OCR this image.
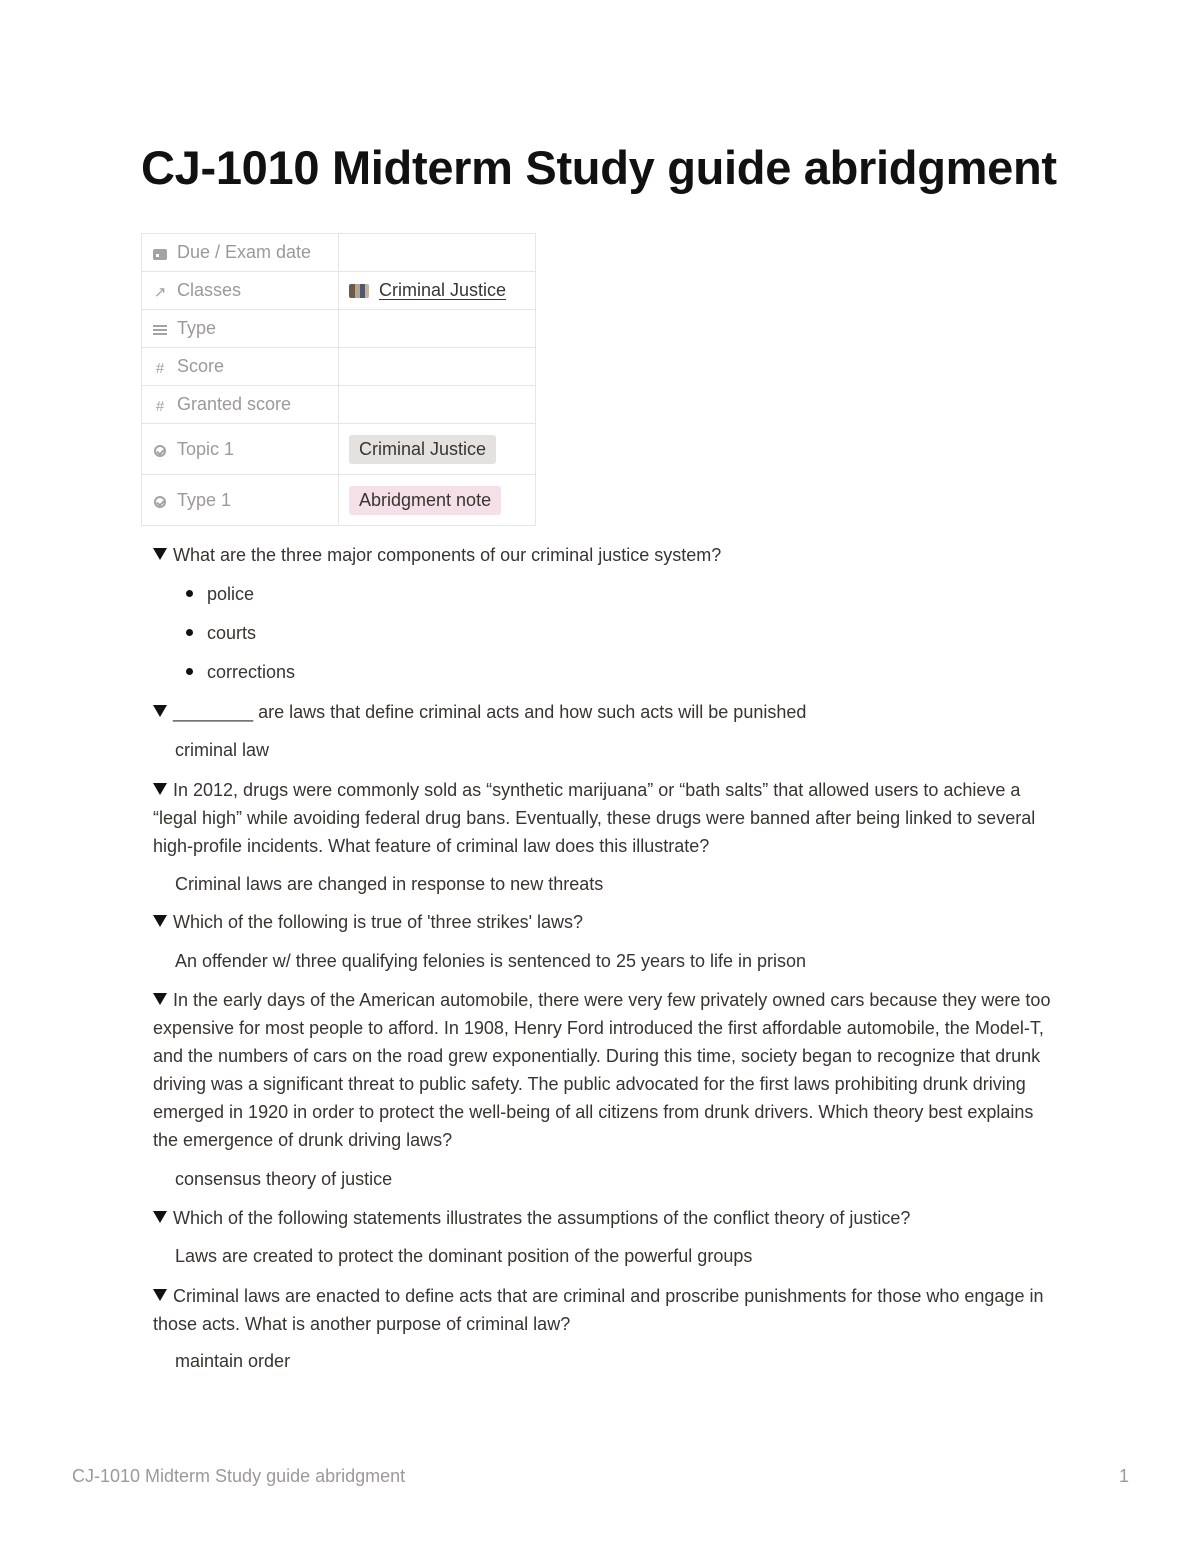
CJ-1010 Midterm Study guide abridgment
Due / Exam date	
↗ Classes	Criminal Justice
Type	
# Score	
# Granted score	
Topic 1	Criminal Justice
Type 1	Abridgment note
What are the three major components of our criminal justice system?
police
courts
corrections
________ are laws that define criminal acts and how such acts will be punished
criminal law
In 2012, drugs were commonly sold as “synthetic marijuana” or “bath salts” that allowed users to achieve a “legal high” while avoiding federal drug bans. Eventually, these drugs were banned after being linked to several high-profile incidents. What feature of criminal law does this illustrate?
Criminal laws are changed in response to new threats
Which of the following is true of 'three strikes' laws?
An offender w/ three qualifying felonies is sentenced to 25 years to life in prison
In the early days of the American automobile, there were very few privately owned cars because they were too expensive for most people to afford. In 1908, Henry Ford introduced the first affordable automobile, the Model-T, and the numbers of cars on the road grew exponentially. During this time, society began to recognize that drunk driving was a significant threat to public safety. The public advocated for the first laws prohibiting drunk driving emerged in 1920 in order to protect the well-being of all citizens from drunk drivers. Which theory best explains the emergence of drunk driving laws?
consensus theory of justice
Which of the following statements illustrates the assumptions of the conflict theory of justice?
Laws are created to protect the dominant position of the powerful groups
Criminal laws are enacted to define acts that are criminal and proscribe punishments for those who engage in those acts. What is another purpose of criminal law?
maintain order
CJ-1010 Midterm Study guide abridgment	1
